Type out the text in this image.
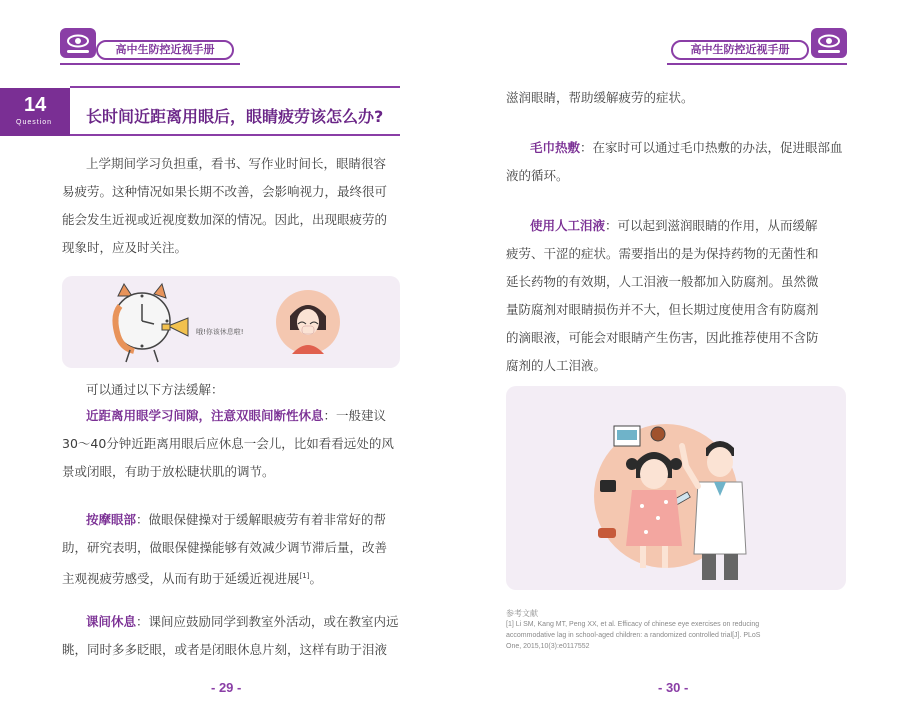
高中生防控近视手册
14
Question 长时间近距离用眼后，眼睛疲劳该怎么办?
上学期间学习负担重，看书、写作业时间长，眼睛很容
易疲劳。这种情况如果长期不改善，会影响视力，最终很可
能会发生近视或近视度数加深的情况。因此，出现眼疲劳的
现象时，应及时关注。
哦!你该休息啦!
可以通过以下方法缓解：
近距离用眼学习间隙，注意双眼间断性休息：一般建议
30～40分钟近距离用眼后应休息一会儿，比如看看远处的风
景或闭眼，有助于放松睫状肌的调节。
按摩眼部：做眼保健操对于缓解眼疲劳有着非常好的帮
助，研究表明，做眼保健操能够有效减少调节滞后量，改善
主观视疲劳感受，从而有助于延缓近视进展[1]。
课间休息：课间应鼓励同学到教室外活动，或在教室内远
眺，同时多多眨眼，或者是闭眼休息片刻，这样有助于泪液
- 29 -
高中生防控近视手册
滋润眼睛，帮助缓解疲劳的症状。
毛巾热敷：在家时可以通过毛巾热敷的办法，促进眼部血
液的循环。
使用人工泪液：可以起到滋润眼睛的作用，从而缓解
疲劳、干涩的症状。需要指出的是为保持药物的无菌性和
延长药物的有效期，人工泪液一般都加入防腐剂。虽然微
量防腐剂对眼睛损伤并不大，但长期过度使用含有防腐剂
的滴眼液，可能会对眼睛产生伤害，因此推荐使用不含防
腐剂的人工泪液。
参考文献
[1] Li SM, Kang MT, Peng XX, et al. Efficacy of chinese eye exercises on reducing
accommodative lag in school-aged children: a randomized controlled trial[J]. PLoS
One, 2015,10(3):e0117552
- 30 -
